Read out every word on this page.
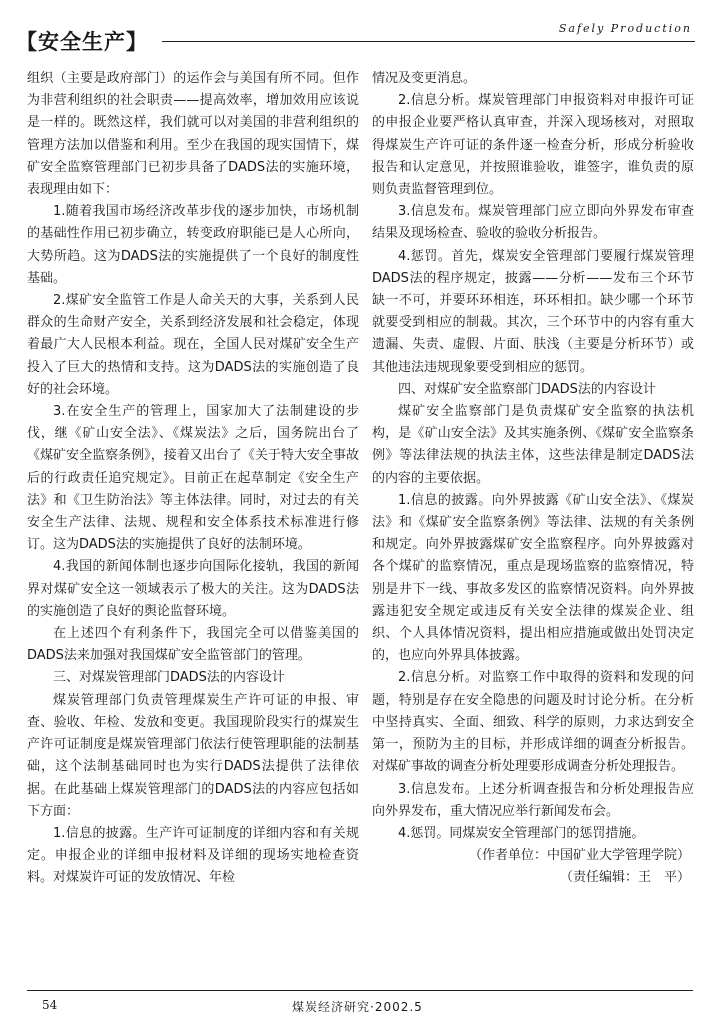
【安全生产】
Safely Production

组织（主要是政府部门）的运作会与美国有所不同。但作为非营利组织的社会职责——提高效率，增加效用应该说是一样的。既然这样，我们就可以对美国的非营利组织的管理方法加以借鉴和利用。至少在我国的现实国情下，煤矿安全监察管理部门已初步具备了DADS法的实施环境，表现理由如下：

1.随着我国市场经济改革步伐的逐步加快，市场机制的基础性作用已初步确立，转变政府职能已是人心所向，大势所趋。这为DADS法的实施提供了一个良好的制度性基础。

2.煤矿安全监管工作是人命关天的大事，关系到人民群众的生命财产安全，关系到经济发展和社会稳定，体现着最广大人民根本利益。现在，全国人民对煤矿安全生产投入了巨大的热情和支持。这为DADS法的实施创造了良好的社会环境。

3.在安全生产的管理上，国家加大了法制建设的步伐，继《矿山安全法》、《煤炭法》之后，国务院出台了《煤矿安全监察条例》，接着又出台了《关于特大安全事故后的行政责任追究规定》。目前正在起草制定《安全生产法》和《卫生防治法》等主体法律。同时，对过去的有关安全生产法律、法规、规程和安全体系技术标准进行修订。这为DADS法的实施提供了良好的法制环境。

4.我国的新闻体制也逐步向国际化接轨，我国的新闻界对煤矿安全这一领域表示了极大的关注。这为DADS法的实施创造了良好的舆论监督环境。

在上述四个有利条件下，我国完全可以借鉴美国的DADS法来加强对我国煤矿安全监管部门的管理。

三、对煤炭管理部门DADS法的内容设计

煤炭管理部门负责管理煤炭生产许可证的申报、审查、验收、年检、发放和变更。我国现阶段实行的煤炭生产许可证制度是煤炭管理部门依法行使管理职能的法制基础，这个法制基础同时也为实行DADS法提供了法律依据。在此基础上煤炭管理部门的DADS法的内容应包括如下方面：

1.信息的披露。生产许可证制度的详细内容和有关规定。申报企业的详细申报材料及详细的现场实地检查资料。对煤炭许可证的发放情况、年检

情况及变更消息。

2.信息分析。煤炭管理部门申报资料对申报许可证的申报企业要严格认真审查，并深入现场核对，对照取得煤炭生产许可证的条件逐一检查分析，形成分析验收报告和认定意见，并按照谁验收，谁签字，谁负责的原则负责监督管理到位。

3.信息发布。煤炭管理部门应立即向外界发布审查结果及现场检查、验收的验收分析报告。

4.惩罚。首先，煤炭安全管理部门要履行煤炭管理DADS法的程序规定，披露——分析——发布三个环节缺一不可，并要环环相连，环环相扣。缺少哪一个环节就要受到相应的制裁。其次，三个环节中的内容有重大遗漏、失责、虚假、片面、肤浅（主要是分析环节）或其他违法违规现象要受到相应的惩罚。

四、对煤矿安全监察部门DADS法的内容设计

煤矿安全监察部门是负责煤矿安全监察的执法机构，是《矿山安全法》及其实施条例、《煤矿安全监察条例》等法律法规的执法主体，这些法律是制定DADS法的内容的主要依据。

1.信息的披露。向外界披露《矿山安全法》、《煤炭法》和《煤矿安全监察条例》等法律、法规的有关条例和规定。向外界披露煤矿安全监察程序。向外界披露对各个煤矿的监察情况，重点是现场监察的监察情况，特别是井下一线、事故多发区的监察情况资料。向外界披露违犯安全规定或违反有关安全法律的煤炭企业、组织、个人具体情况资料，提出相应措施或做出处罚决定的，也应向外界具体披露。

2.信息分析。对监察工作中取得的资料和发现的问题，特别是存在安全隐患的问题及时讨论分析。在分析中坚持真实、全面、细致、科学的原则，力求达到安全第一，预防为主的目标，并形成详细的调查分析报告。对煤矿事故的调查分析处理要形成调查分析处理报告。

3.信息发布。上述分析调查报告和分析处理报告应向外界发布，重大情况应举行新闻发布会。

4.惩罚。同煤炭安全管理部门的惩罚措施。

（作者单位：中国矿业大学管理学院）

（责任编辑：王　平）

54	煤炭经济研究·2002.5
